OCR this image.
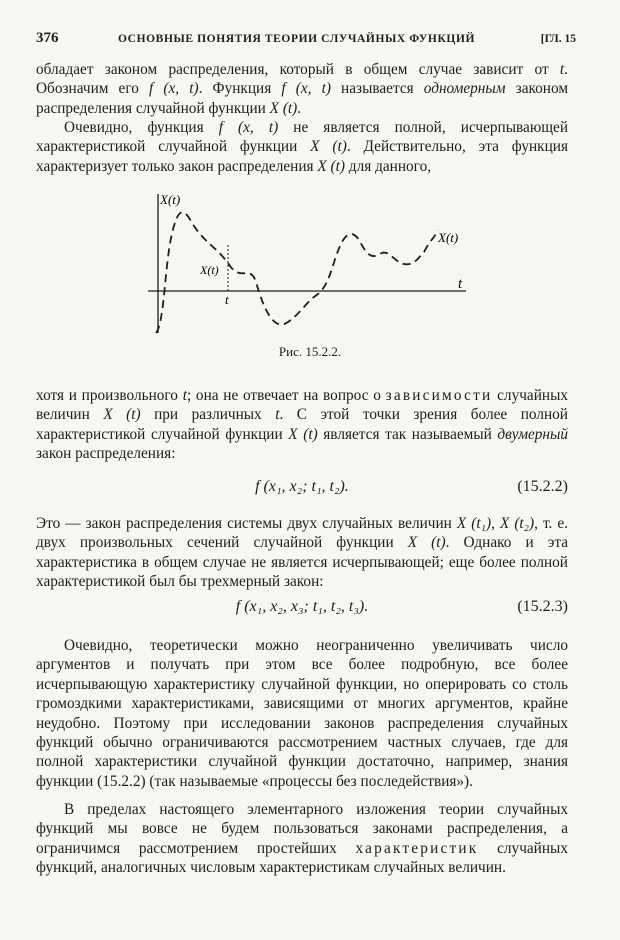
376	ОСНОВНЫЕ ПОНЯТИЯ ТЕОРИИ СЛУЧАЙНЫХ ФУНКЦИЙ	[ГЛ. 15

обладает законом распределения, который в общем случае зависит от t. Обозначим его f (x, t). Функция f (x, t) называется одномерным законом распределения случайной функции X (t).

Очевидно, функция f (x, t) не является полной, исчерпывающей характеристикой случайной функции X (t). Действительно, эта функция характеризует только закон распределения X (t) для данного,

X(t)
t
X(t)
t
X(t)
Рис. 15.2.2.

хотя и произвольного t; она не отвечает на вопрос о зависимости случайных величин X (t) при различных t. С этой точки зрения более полной характеристикой случайной функции X (t) является так называемый двумерный закон распределения:

f (x₁, x₂; t₁, t₂).	(15.2.2)

Это — закон распределения системы двух случайных величин X (t₁), X (t₂), т. е. двух произвольных сечений случайной функции X (t). Однако и эта характеристика в общем случае не является исчерпывающей; еще более полной характеристикой был бы трехмерный закон:

f (x₁, x₂, x₃; t₁, t₂, t₃).	(15.2.3)

Очевидно, теоретически можно неограниченно увеличивать число аргументов и получать при этом все более подробную, все более исчерпывающую характеристику случайной функции, но оперировать со столь громоздкими характеристиками, зависящими от многих аргументов, крайне неудобно. Поэтому при исследовании законов распределения случайных функций обычно ограничиваются рассмотрением частных случаев, где для полной характеристики случайной функции достаточно, например, знания функции (15.2.2) (так называемые «процессы без последействия»).

В пределах настоящего элементарного изложения теории случайных функций мы вовсе не будем пользоваться законами распределения, а ограничимся рассмотрением простейших характеристик случайных функций, аналогичных числовым характеристикам случайных величин.
